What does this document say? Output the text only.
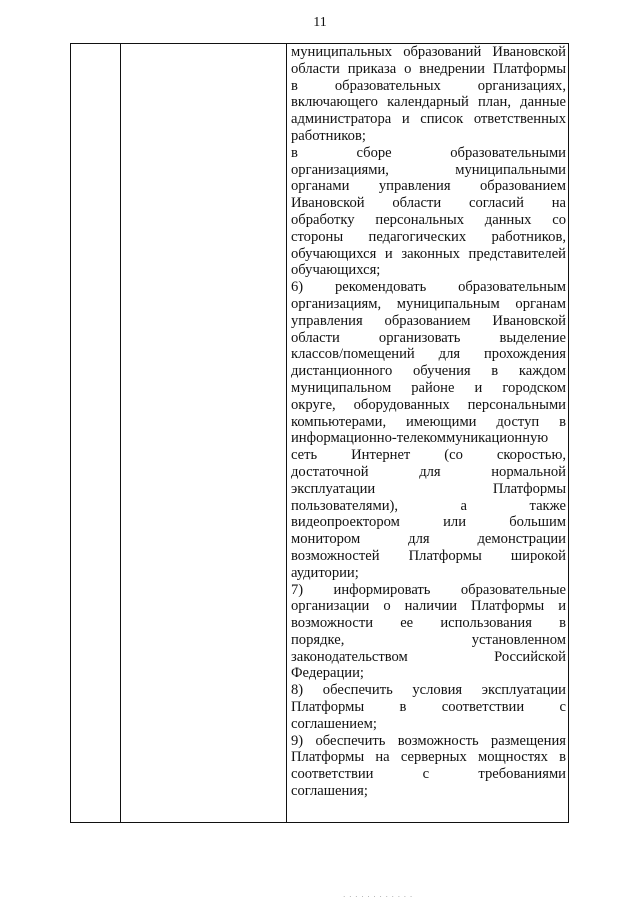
11
муниципальных образований Ивановской
области приказа о внедрении Платформы
в образовательных организациях,
включающего календарный план, данные
администратора и список ответственных
работников;
в сборе образовательными
организациями, муниципальными
органами управления образованием
Ивановской области согласий на
обработку персональных данных со
стороны педагогических работников,
обучающихся и законных представителей
обучающихся;
6) рекомендовать образовательным
организациям, муниципальным органам
управления образованием Ивановской
области организовать выделение
классов/помещений для прохождения
дистанционного обучения в каждом
муниципальном районе и городском
округе, оборудованных персональными
компьютерами, имеющими доступ в
информационно-телекоммуникационную
сеть Интернет (со скоростью,
достаточной для нормальной
эксплуатации Платформы
пользователями), а также
видеопроектором или большим
монитором для демонстрации
возможностей Платформы широкой
аудитории;
7) информировать образовательные
организации о наличии Платформы и
возможности ее использования в
порядке, установленном
законодательством Российской
Федерации;
8) обеспечить условия эксплуатации
Платформы в соответствии с
соглашением;
9) обеспечить возможность размещения
Платформы на серверных мощностях в
соответствии с требованиями
соглашения;
· · · · · · · · · · · ·
